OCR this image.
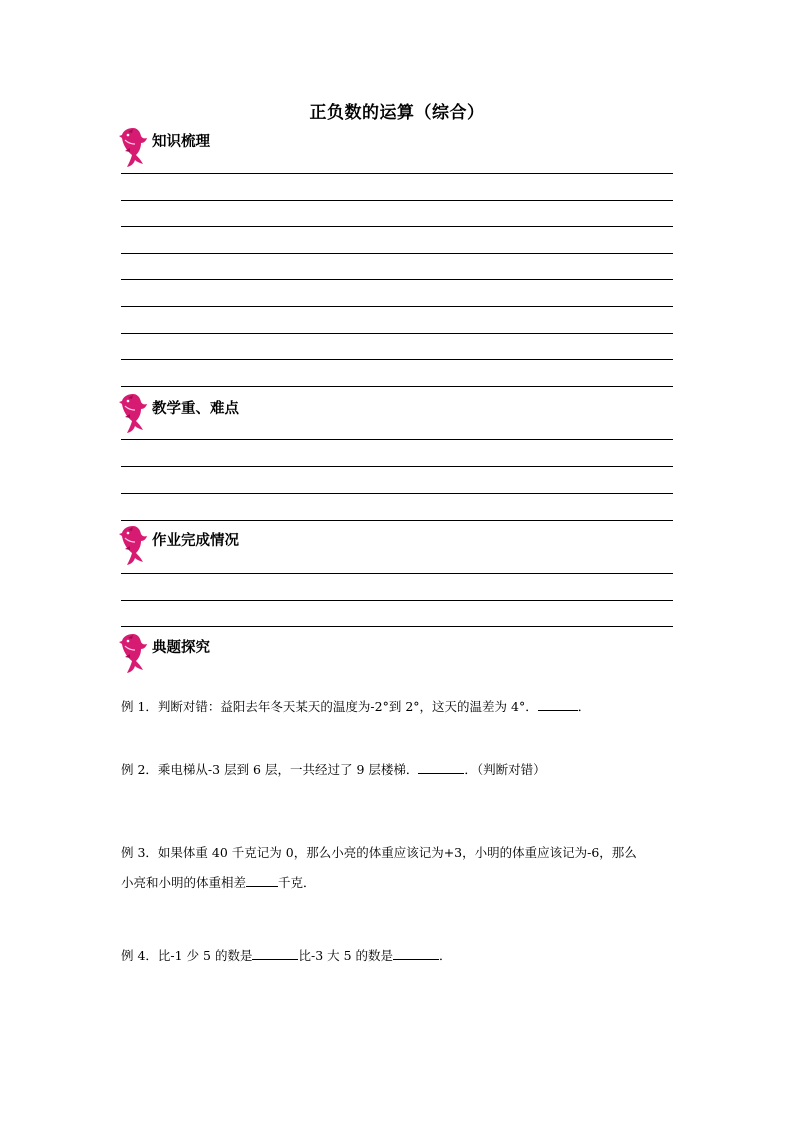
正负数的运算（综合）
知识梳理
教学重、难点
作业完成情况
典题探究
例 1．判断对错：益阳去年冬天某天的温度为-2°到 2°，这天的温差为 4°．	．
例 2．乘电梯从-3 层到 6 层，一共经过了 9 层楼梯．	．（判断对错）
例 3．如果体重 40 千克记为 0，那么小亮的体重应该记为+3，小明的体重应该记为-6，那么
小亮和小明的体重相差	千克．
例 4．比-1 少 5 的数是	比-3 大 5 的数是	．
